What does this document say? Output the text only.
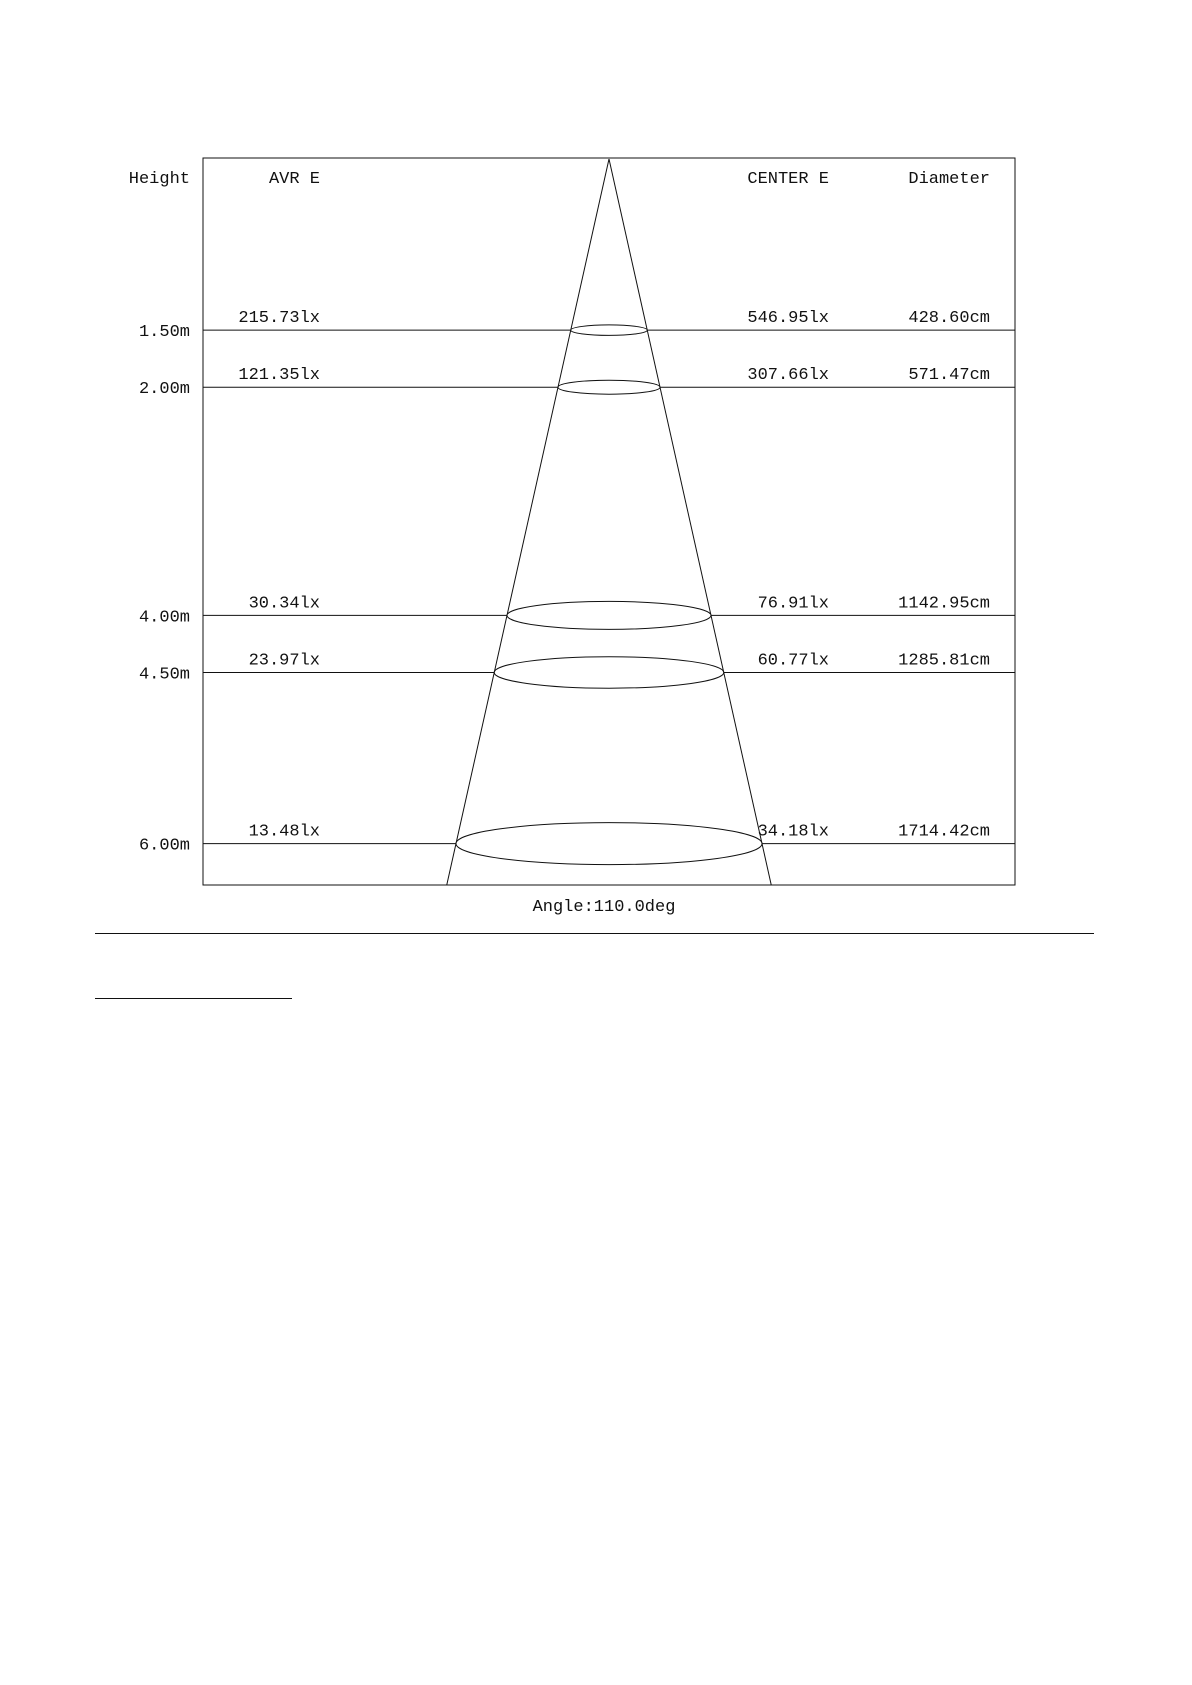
Height	AVR E	CENTER E	Diameter
1.50m
215.73lx	546.95lx	428.60cm
2.00m
121.35lx	307.66lx	571.47cm
4.00m
30.34lx	76.91lx	1142.95cm
4.50m
23.97lx	60.77lx	1285.81cm
6.00m
13.48lx	34.18lx	1714.42cm
Angle:110.0deg
